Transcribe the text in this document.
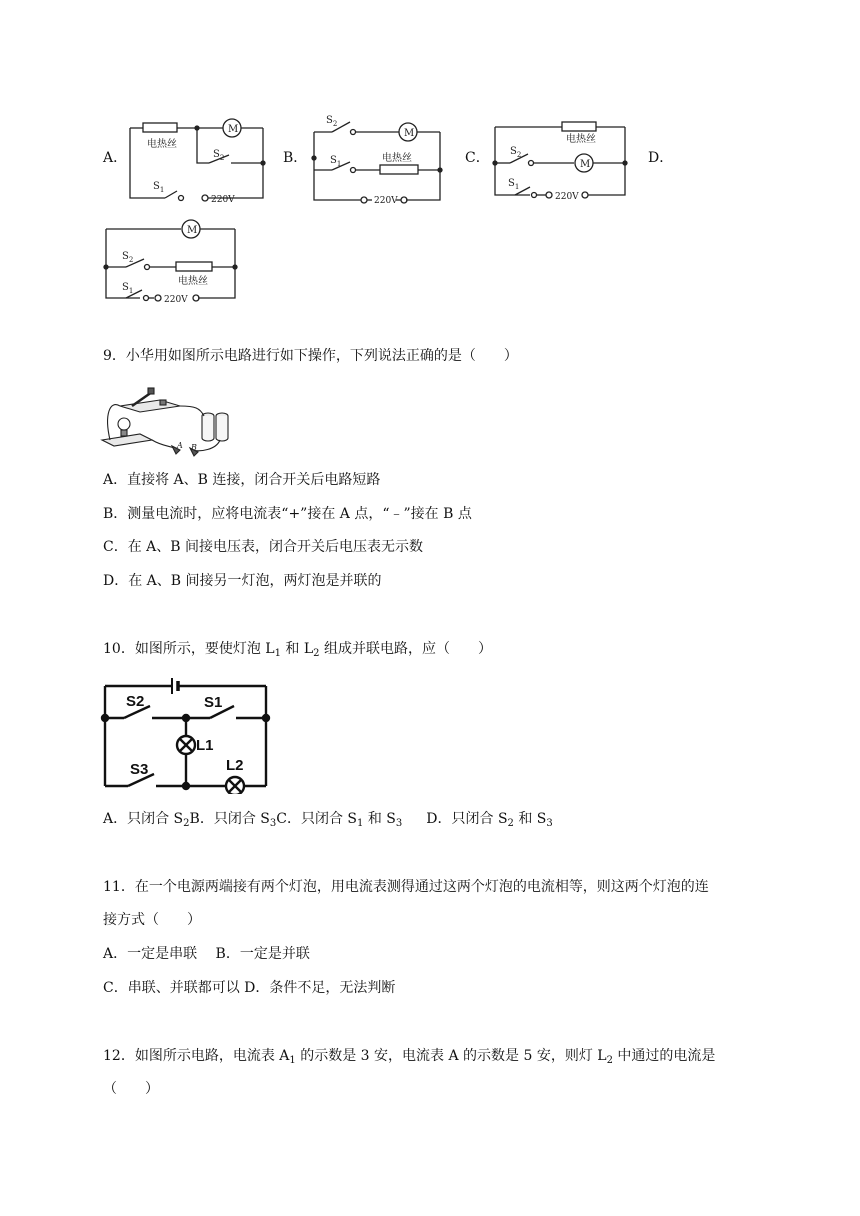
A．
电热丝
M
$S_2$
$S_1$
220V
B．
M
电热丝
$S_2$
$S_1$
220V
C．
电热丝
M
$S_2$
$S_1$
220V
D．
M
电热丝
$S_2$
$S_1$
220V
9．小华用如图所示电路进行如下操作，下列说法正确的是（　　）
A B
A．直接将 A、B 连接，闭合开关后电路短路
B．测量电流时，应将电流表“+”接在 A 点，“﹣”接在 B 点
C．在 A、B 间接电压表，闭合开关后电压表无示数
D．在 A、B 间接另一灯泡，两灯泡是并联的
10．如图所示，要使灯泡 $L_1$ 和 $L_2$ 组成并联电路，应（　　）
S2	S1
L1
S3	L2
A．只闭合 $S_2B$．只闭合 $S_3C$．只闭合 $S_1$ 和 $S_3$ D．只闭合 $S_2$ 和 $S_3$
11．在一个电源两端接有两个灯泡，用电流表测得通过这两个灯泡的电流相等，则这两个灯泡的连
接方式（　　）
A．一定是串联　 B．一定是并联
C．串联、并联都可以 D．条件不足，无法判断
12．如图所示电路，电流表 $A_1$ 的示数是 3 安，电流表 A 的示数是 5 安，则灯 $L_2$ 中通过的电流是
（　　）
